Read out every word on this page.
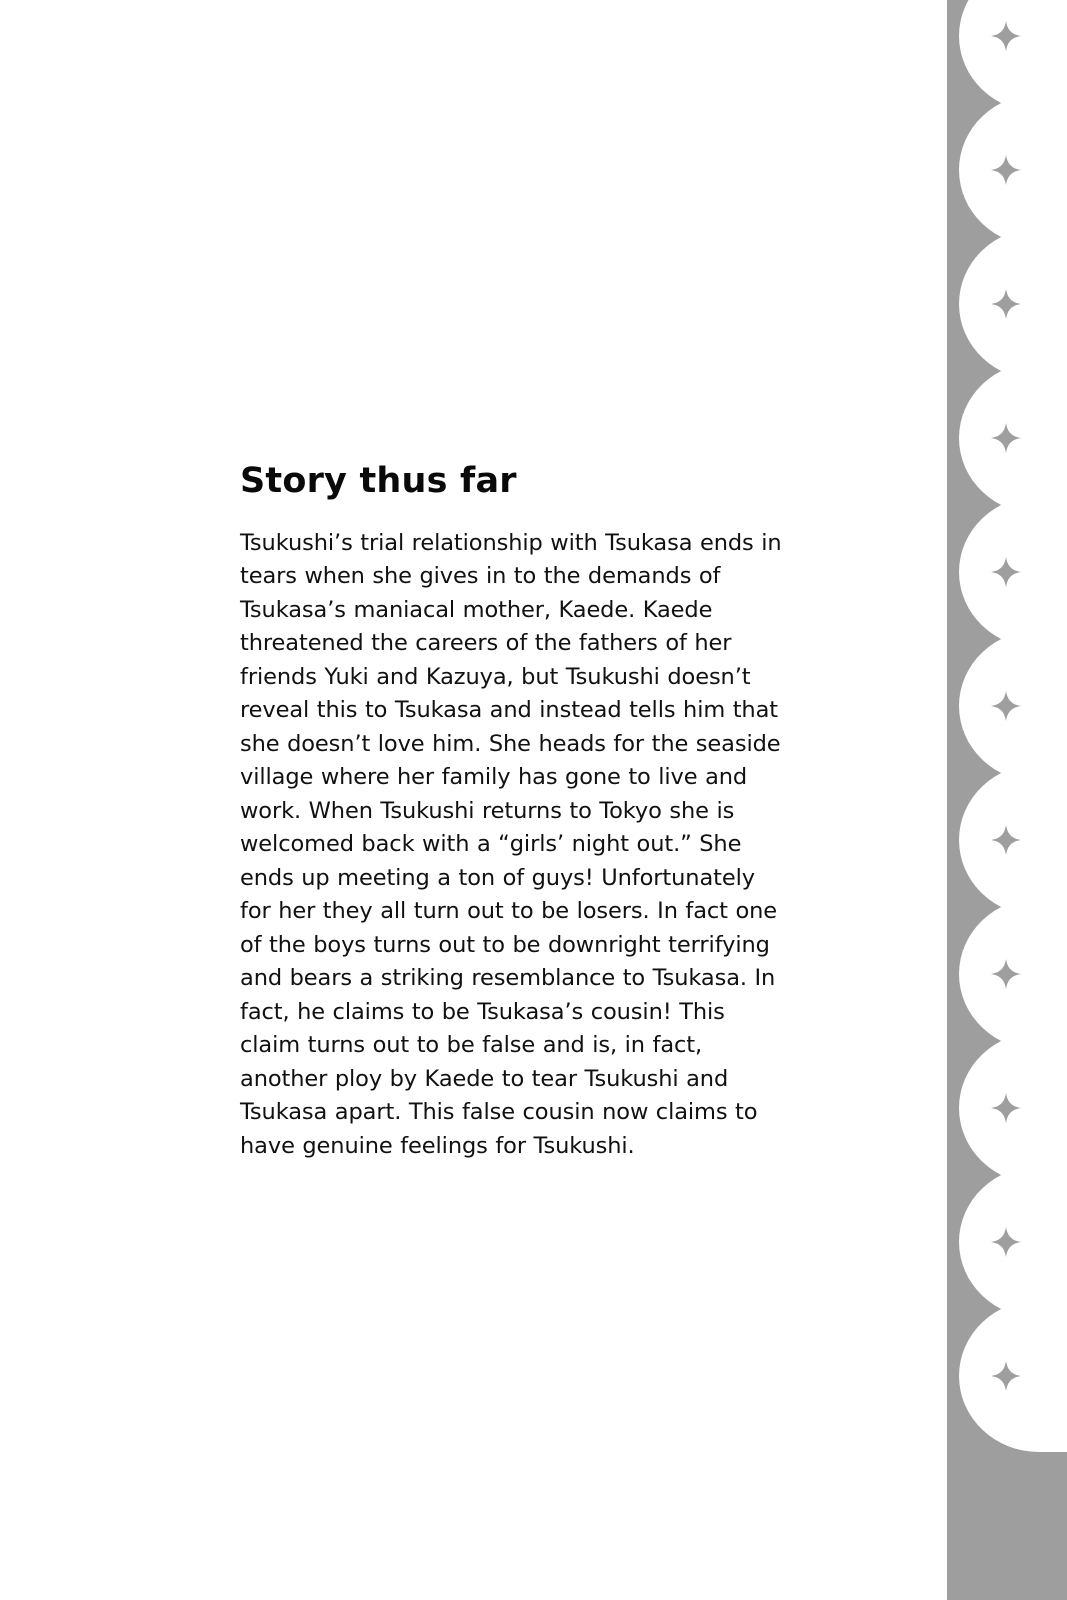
Story thus far

Tsukushi’s trial relationship with Tsukasa ends in tears when she gives in to the demands of Tsukasa’s maniacal mother, Kaede. Kaede threatened the careers of the fathers of her friends Yuki and Kazuya, but Tsukushi doesn’t reveal this to Tsukasa and instead tells him that she doesn’t love him. She heads for the seaside village where her family has gone to live and work. When Tsukushi returns to Tokyo she is welcomed back with a “girls’ night out.” She ends up meeting a ton of guys! Unfortunately for her they all turn out to be losers. In fact one of the boys turns out to be downright terrifying and bears a striking resemblance to Tsukasa. In fact, he claims to be Tsukasa’s cousin! This claim turns out to be false and is, in fact, another ploy by Kaede to tear Tsukushi and Tsukasa apart. This false cousin now claims to have genuine feelings for Tsukushi.
